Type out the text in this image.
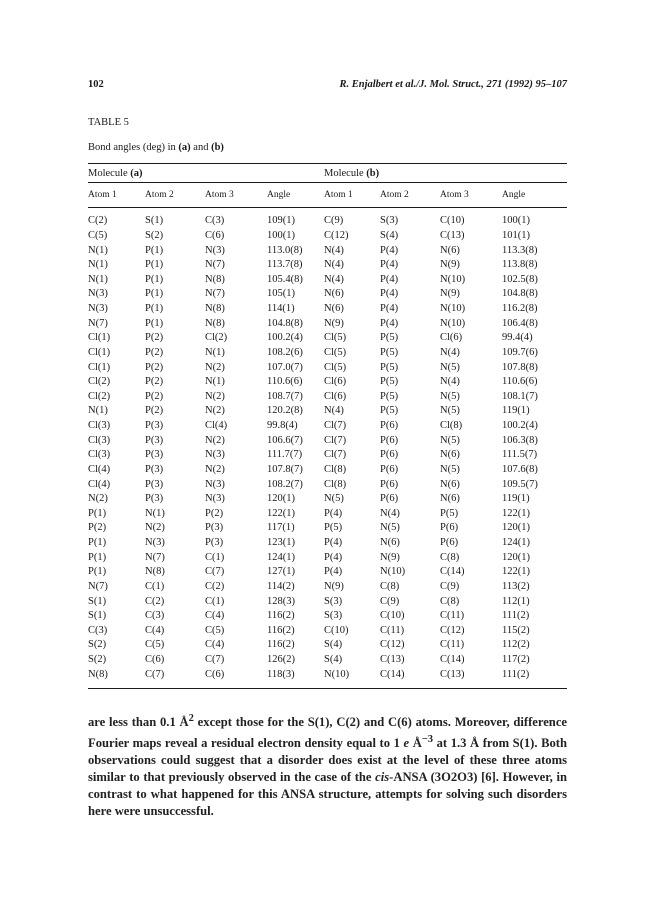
102	R. Enjalbert et al./J. Mol. Struct., 271 (1992) 95–107
TABLE 5
Bond angles (deg) in (a) and (b)
Molecule (a)				Molecule (b)			
Atom 1	Atom 2	Atom 3	Angle	Atom 1	Atom 2	Atom 3	Angle

C(2)	S(1)	C(3)	109(1)	C(9)	S(3)	C(10)	100(1)
C(5)	S(2)	C(6)	100(1)	C(12)	S(4)	C(13)	101(1)
N(1)	P(1)	N(3)	113.0(8)	N(4)	P(4)	N(6)	113.3(8)
N(1)	P(1)	N(7)	113.7(8)	N(4)	P(4)	N(9)	113.8(8)
N(1)	P(1)	N(8)	105.4(8)	N(4)	P(4)	N(10)	102.5(8)
N(3)	P(1)	N(7)	105(1)	N(6)	P(4)	N(9)	104.8(8)
N(3)	P(1)	N(8)	114(1)	N(6)	P(4)	N(10)	116.2(8)
N(7)	P(1)	N(8)	104.8(8)	N(9)	P(4)	N(10)	106.4(8)
Cl(1)	P(2)	Cl(2)	100.2(4)	Cl(5)	P(5)	Cl(6)	99.4(4)
Cl(1)	P(2)	N(1)	108.2(6)	Cl(5)	P(5)	N(4)	109.7(6)
Cl(1)	P(2)	N(2)	107.0(7)	Cl(5)	P(5)	N(5)	107.8(8)
Cl(2)	P(2)	N(1)	110.6(6)	Cl(6)	P(5)	N(4)	110.6(6)
Cl(2)	P(2)	N(2)	108.7(7)	Cl(6)	P(5)	N(5)	108.1(7)
N(1)	P(2)	N(2)	120.2(8)	N(4)	P(5)	N(5)	119(1)
Cl(3)	P(3)	Cl(4)	99.8(4)	Cl(7)	P(6)	Cl(8)	100.2(4)
Cl(3)	P(3)	N(2)	106.6(7)	Cl(7)	P(6)	N(5)	106.3(8)
Cl(3)	P(3)	N(3)	111.7(7)	Cl(7)	P(6)	N(6)	111.5(7)
Cl(4)	P(3)	N(2)	107.8(7)	Cl(8)	P(6)	N(5)	107.6(8)
Cl(4)	P(3)	N(3)	108.2(7)	Cl(8)	P(6)	N(6)	109.5(7)
N(2)	P(3)	N(3)	120(1)	N(5)	P(6)	N(6)	119(1)
P(1)	N(1)	P(2)	122(1)	P(4)	N(4)	P(5)	122(1)
P(2)	N(2)	P(3)	117(1)	P(5)	N(5)	P(6)	120(1)
P(1)	N(3)	P(3)	123(1)	P(4)	N(6)	P(6)	124(1)
P(1)	N(7)	C(1)	124(1)	P(4)	N(9)	C(8)	120(1)
P(1)	N(8)	C(7)	127(1)	P(4)	N(10)	C(14)	122(1)
N(7)	C(1)	C(2)	114(2)	N(9)	C(8)	C(9)	113(2)
S(1)	C(2)	C(1)	128(3)	S(3)	C(9)	C(8)	112(1)
S(1)	C(3)	C(4)	116(2)	S(3)	C(10)	C(11)	111(2)
C(3)	C(4)	C(5)	116(2)	C(10)	C(11)	C(12)	115(2)
S(2)	C(5)	C(4)	116(2)	S(4)	C(12)	C(11)	112(2)
S(2)	C(6)	C(7)	126(2)	S(4)	C(13)	C(14)	117(2)
N(8)	C(7)	C(6)	118(3)	N(10)	C(14)	C(13)	111(2)

are less than 0.1 $Å^2$ except those for the S(1), C(2) and C(6) atoms. Moreover, difference Fourier maps reveal a residual electron density equal to 1 e $Å^{-3}$ at 1.3 Å from S(1). Both observations could suggest that a disorder does exist at the level of these three atoms similar to that previously observed in the case of the cis-ANSA (3O2O3) [6]. However, in contrast to what happened for this ANSA structure, attempts for solving such disorders here were unsuccessful.
